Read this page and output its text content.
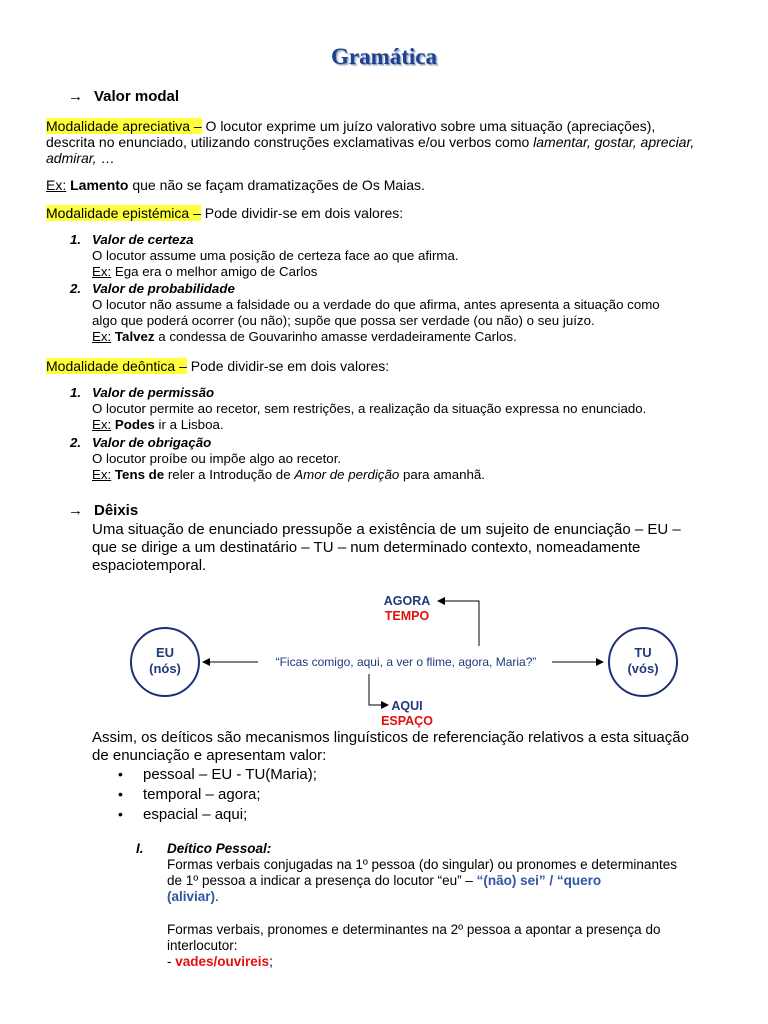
Gramática
→ Valor modal
Modalidade apreciativa – O locutor exprime um juízo valorativo sobre uma situação (apreciações),
descrita no enunciado, utilizando construções exclamativas e/ou verbos como lamentar, gostar, apreciar,
admirar, …
Ex: Lamento que não se façam dramatizações de Os Maias.
Modalidade epistémica – Pode dividir-se em dois valores:
1. Valor de certeza
O locutor assume uma posição de certeza face ao que afirma.
Ex: Ega era o melhor amigo de Carlos
2. Valor de probabilidade
O locutor não assume a falsidade ou a verdade do que afirma, antes apresenta a situação como
algo que poderá ocorrer (ou não); supõe que possa ser verdade (ou não) o seu juízo.
Ex: Talvez a condessa de Gouvarinho amasse verdadeiramente Carlos.
Modalidade deôntica – Pode dividir-se em dois valores:
1. Valor de permissão
O locutor permite ao recetor, sem restrições, a realização da situação expressa no enunciado.
Ex: Podes ir a Lisboa.
2. Valor de obrigação
O locutor proíbe ou impõe algo ao recetor.
Ex: Tens de reler a Introdução de Amor de perdição para amanhã.
→ Dêixis
Uma situação de enunciado pressupõe a existência de um sujeito de enunciação – EU –
que se dirige a um destinatário – TU – num determinado contexto, nomeadamente
espaciotemporal.
AGORA
TEMPO
EU
(nós)	“Ficas comigo, aqui, a ver o flime, agora, Maria?”
TU
(vós)
AQUI
ESPAÇO
Assim, os deíticos são mecanismos linguísticos de referenciação relativos a esta situação
de enunciação e apresentam valor:
• pessoal – EU - TU(Maria);
• temporal – agora;
• espacial – aqui;
I. Deítico Pessoal:
Formas verbais conjugadas na 1º pessoa (do singular) ou pronomes e determinantes
de 1º pessoa a indicar a presença do locutor “eu” – “(não) sei” / “quero
(aliviar).
Formas verbais, pronomes e determinantes na 2º pessoa a apontar a presença do
interlocutor:
- vades/ouvireis;
